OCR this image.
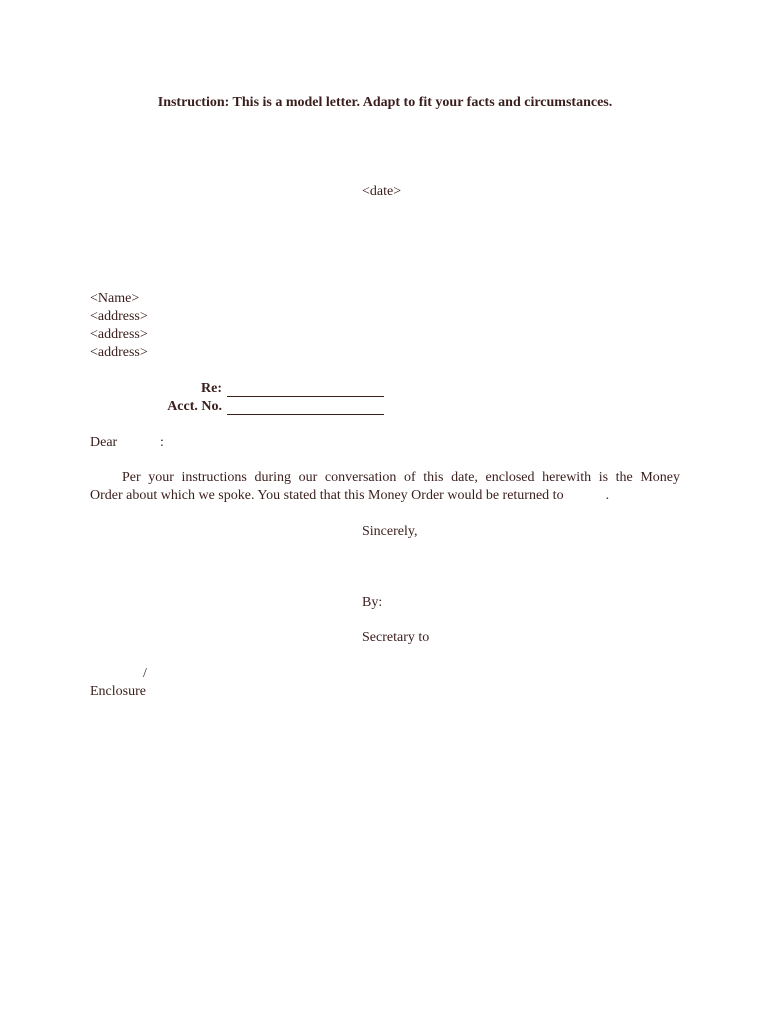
Instruction: This is a model letter. Adapt to fit your facts and circumstances.
<date>
<Name>
<address>
<address>
<address>
Re:
Acct. No.
Dear	:
Per your instructions during our conversation of this date, enclosed herewith is the Money
Order about which we spoke. You stated that this Money Order would be returned to	.
Sincerely,
By:
Secretary to
/
Enclosure
